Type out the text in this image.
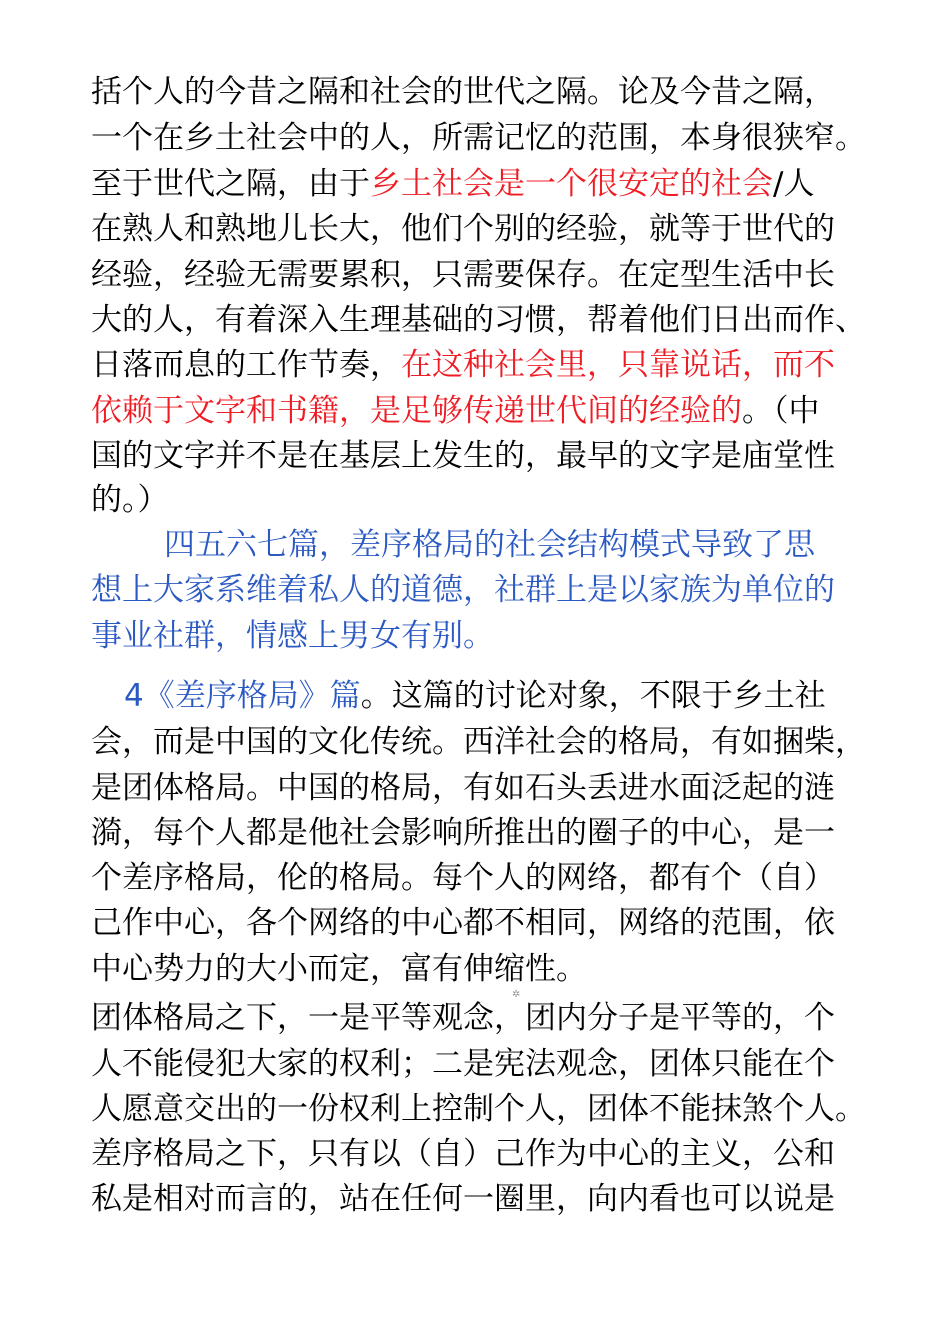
括个人的今昔之隔和社会的世代之隔。论及今昔之隔，
一个在乡土社会中的人，所需记忆的范围，本身很狭窄。
至于世代之隔，由于乡土社会是一个很安定的社会/人
在熟人和熟地儿长大，他们个别的经验，就等于世代的
经验，经验无需要累积，只需要保存。在定型生活中长
大的人，有着深入生理基础的习惯，帮着他们日出而作、
日落而息的工作节奏，在这种社会里，只靠说话，而不
依赖于文字和书籍，是足够传递世代间的经验的。（中
国的文字并不是在基层上发生的，最早的文字是庙堂性
的。）
四五六七篇，差序格局的社会结构模式导致了思
想上大家系维着私人的道德，社群上是以家族为单位的
事业社群，情感上男女有别。
4《差序格局》篇。这篇的讨论对象，不限于乡土社
会，而是中国的文化传统。西洋社会的格局，有如捆柴，
是团体格局。中国的格局，有如石头丢进水面泛起的涟
漪，每个人都是他社会影响所推出的圈子的中心，是一
个差序格局，伦的格局。每个人的网络，都有个（自）
己作中心，各个网络的中心都不相同，网络的范围，依
中心势力的大小而定，富有伸缩性。
团体格局之下，一是平等观念，团内分子是平等的，个
人不能侵犯大家的权利；二是宪法观念，团体只能在个
人愿意交出的一份权利上控制个人，团体不能抹煞个人。
差序格局之下，只有以（自）己作为中心的主义，公和
私是相对而言的，站在任何一圈里，向内看也可以说是
✲
